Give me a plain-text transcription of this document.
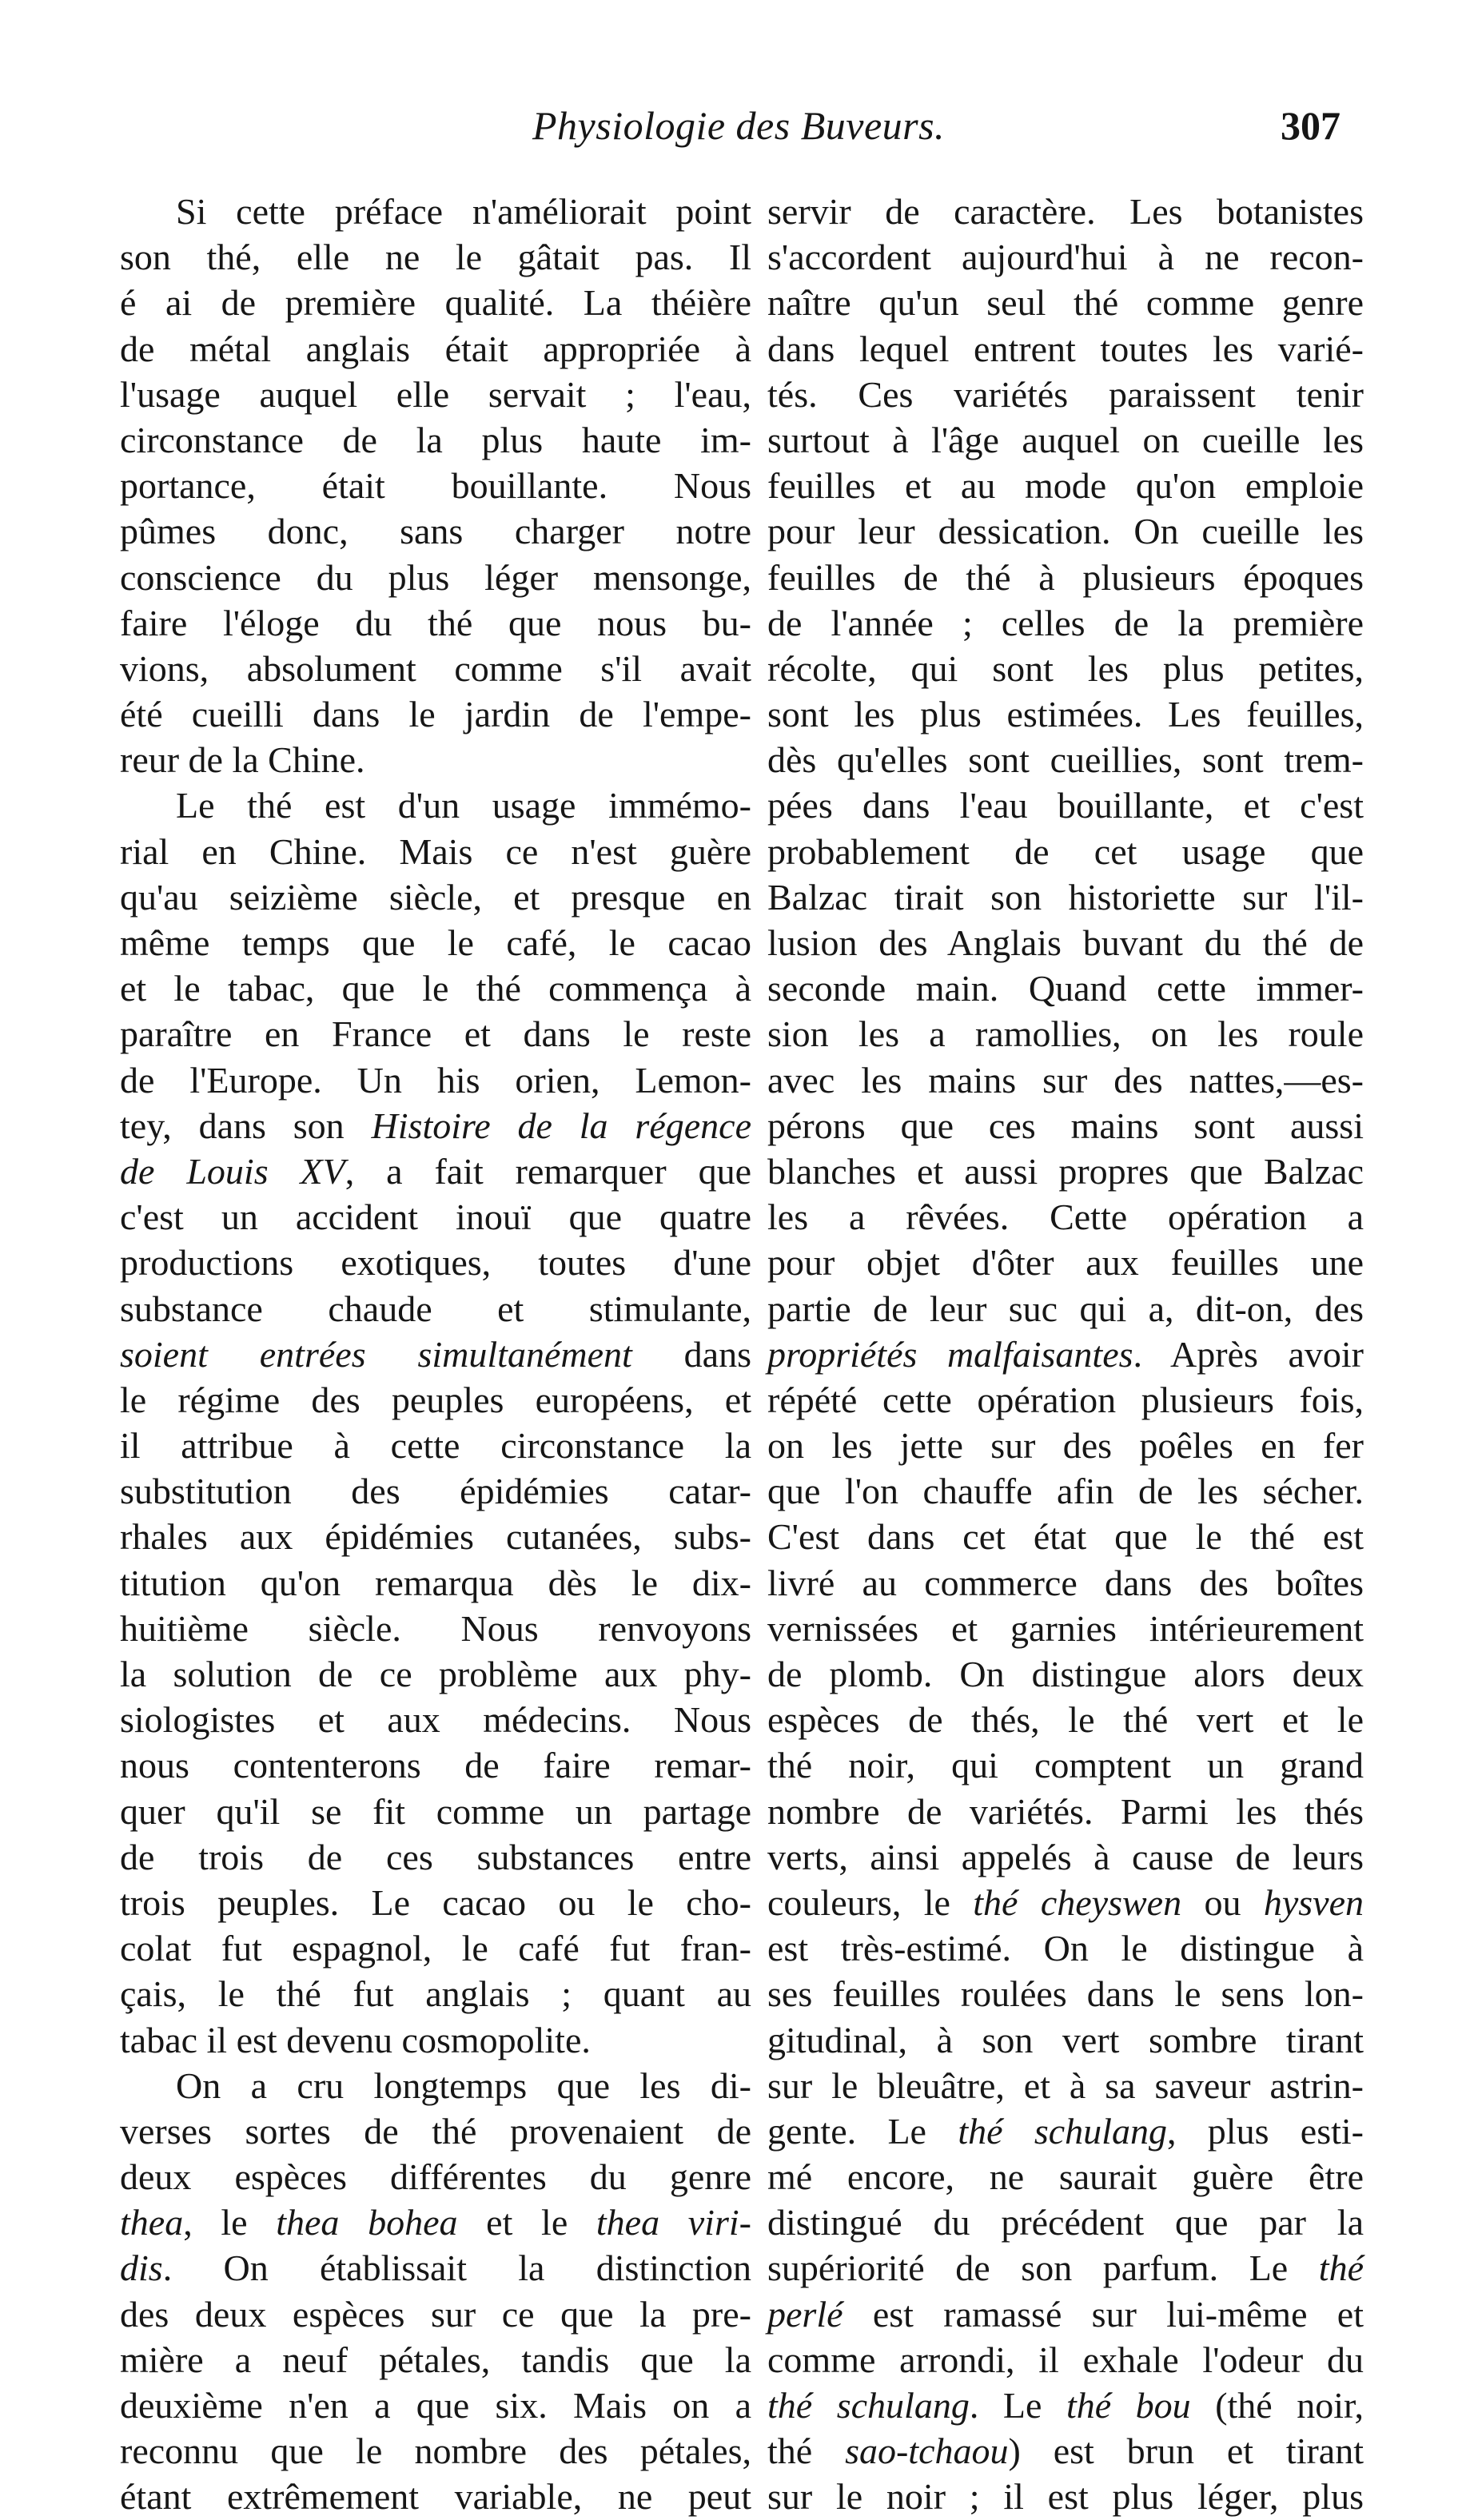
Physiologie des Buveurs.	307
Si cette préface n'améliorait point
son thé, elle ne le gâtait pas. Il
é ai de première qualité. La théière
de métal anglais était appropriée à
l'usage auquel elle servait ; l'eau,
circonstance de la plus haute im-
portance, était bouillante. Nous
pûmes donc, sans charger notre
conscience du plus léger mensonge,
faire l'éloge du thé que nous bu-
vions, absolument comme s'il avait
été cueilli dans le jardin de l'empe-
reur de la Chine.
Le thé est d'un usage immémo-
rial en Chine. Mais ce n'est guère
qu'au seizième siècle, et presque en
même temps que le café, le cacao
et le tabac, que le thé commença à
paraître en France et dans le reste
de l'Europe. Un his orien, Lemon-
tey, dans son Histoire de la régence
de Louis XV, a fait remarquer que
c'est un accident inouï que quatre
productions exotiques, toutes d'une
substance chaude et stimulante,
soient entrées simultanément dans
le régime des peuples européens, et
il attribue à cette circonstance la
substitution des épidémies catar-
rhales aux épidémies cutanées, subs-
titution qu'on remarqua dès le dix-
huitième siècle. Nous renvoyons
la solution de ce problème aux phy-
siologistes et aux médecins. Nous
nous contenterons de faire remar-
quer qu'il se fit comme un partage
de trois de ces substances entre
trois peuples. Le cacao ou le cho-
colat fut espagnol, le café fut fran-
çais, le thé fut anglais ; quant au
tabac il est devenu cosmopolite.
On a cru longtemps que les di-
verses sortes de thé provenaient de
deux espèces différentes du genre
thea, le thea bohea et le thea viri-
dis. On établissait la distinction
des deux espèces sur ce que la pre-
mière a neuf pétales, tandis que la
deuxième n'en a que six. Mais on a
reconnu que le nombre des pétales,
étant extrêmement variable, ne peut
servir de caractère. Les botanistes
s'accordent aujourd'hui à ne recon-
naître qu'un seul thé comme genre
dans lequel entrent toutes les varié-
tés. Ces variétés paraissent tenir
surtout à l'âge auquel on cueille les
feuilles et au mode qu'on emploie
pour leur dessication. On cueille les
feuilles de thé à plusieurs époques
de l'année ; celles de la première
récolte, qui sont les plus petites,
sont les plus estimées. Les feuilles,
dès qu'elles sont cueillies, sont trem-
pées dans l'eau bouillante, et c'est
probablement de cet usage que
Balzac tirait son historiette sur l'il-
lusion des Anglais buvant du thé de
seconde main. Quand cette immer-
sion les a ramollies, on les roule
avec les mains sur des nattes,—es-
pérons que ces mains sont aussi
blanches et aussi propres que Balzac
les a rêvées. Cette opération a
pour objet d'ôter aux feuilles une
partie de leur suc qui a, dit-on, des
propriétés malfaisantes. Après avoir
répété cette opération plusieurs fois,
on les jette sur des poêles en fer
que l'on chauffe afin de les sécher.
C'est dans cet état que le thé est
livré au commerce dans des boîtes
vernissées et garnies intérieurement
de plomb. On distingue alors deux
espèces de thés, le thé vert et le
thé noir, qui comptent un grand
nombre de variétés. Parmi les thés
verts, ainsi appelés à cause de leurs
couleurs, le thé cheyswen ou hysven
est très-estimé. On le distingue à
ses feuilles roulées dans le sens lon-
gitudinal, à son vert sombre tirant
sur le bleuâtre, et à sa saveur astrin-
gente. Le thé schulang, plus esti-
mé encore, ne saurait guère être
distingué du précédent que par la
supériorité de son parfum. Le thé
perlé est ramassé sur lui-même et
comme arrondi, il exhale l'odeur du
thé schulang. Le thé bou (thé noir,
thé sao-tchaou) est brun et tirant
sur le noir ; il est plus léger, plus
